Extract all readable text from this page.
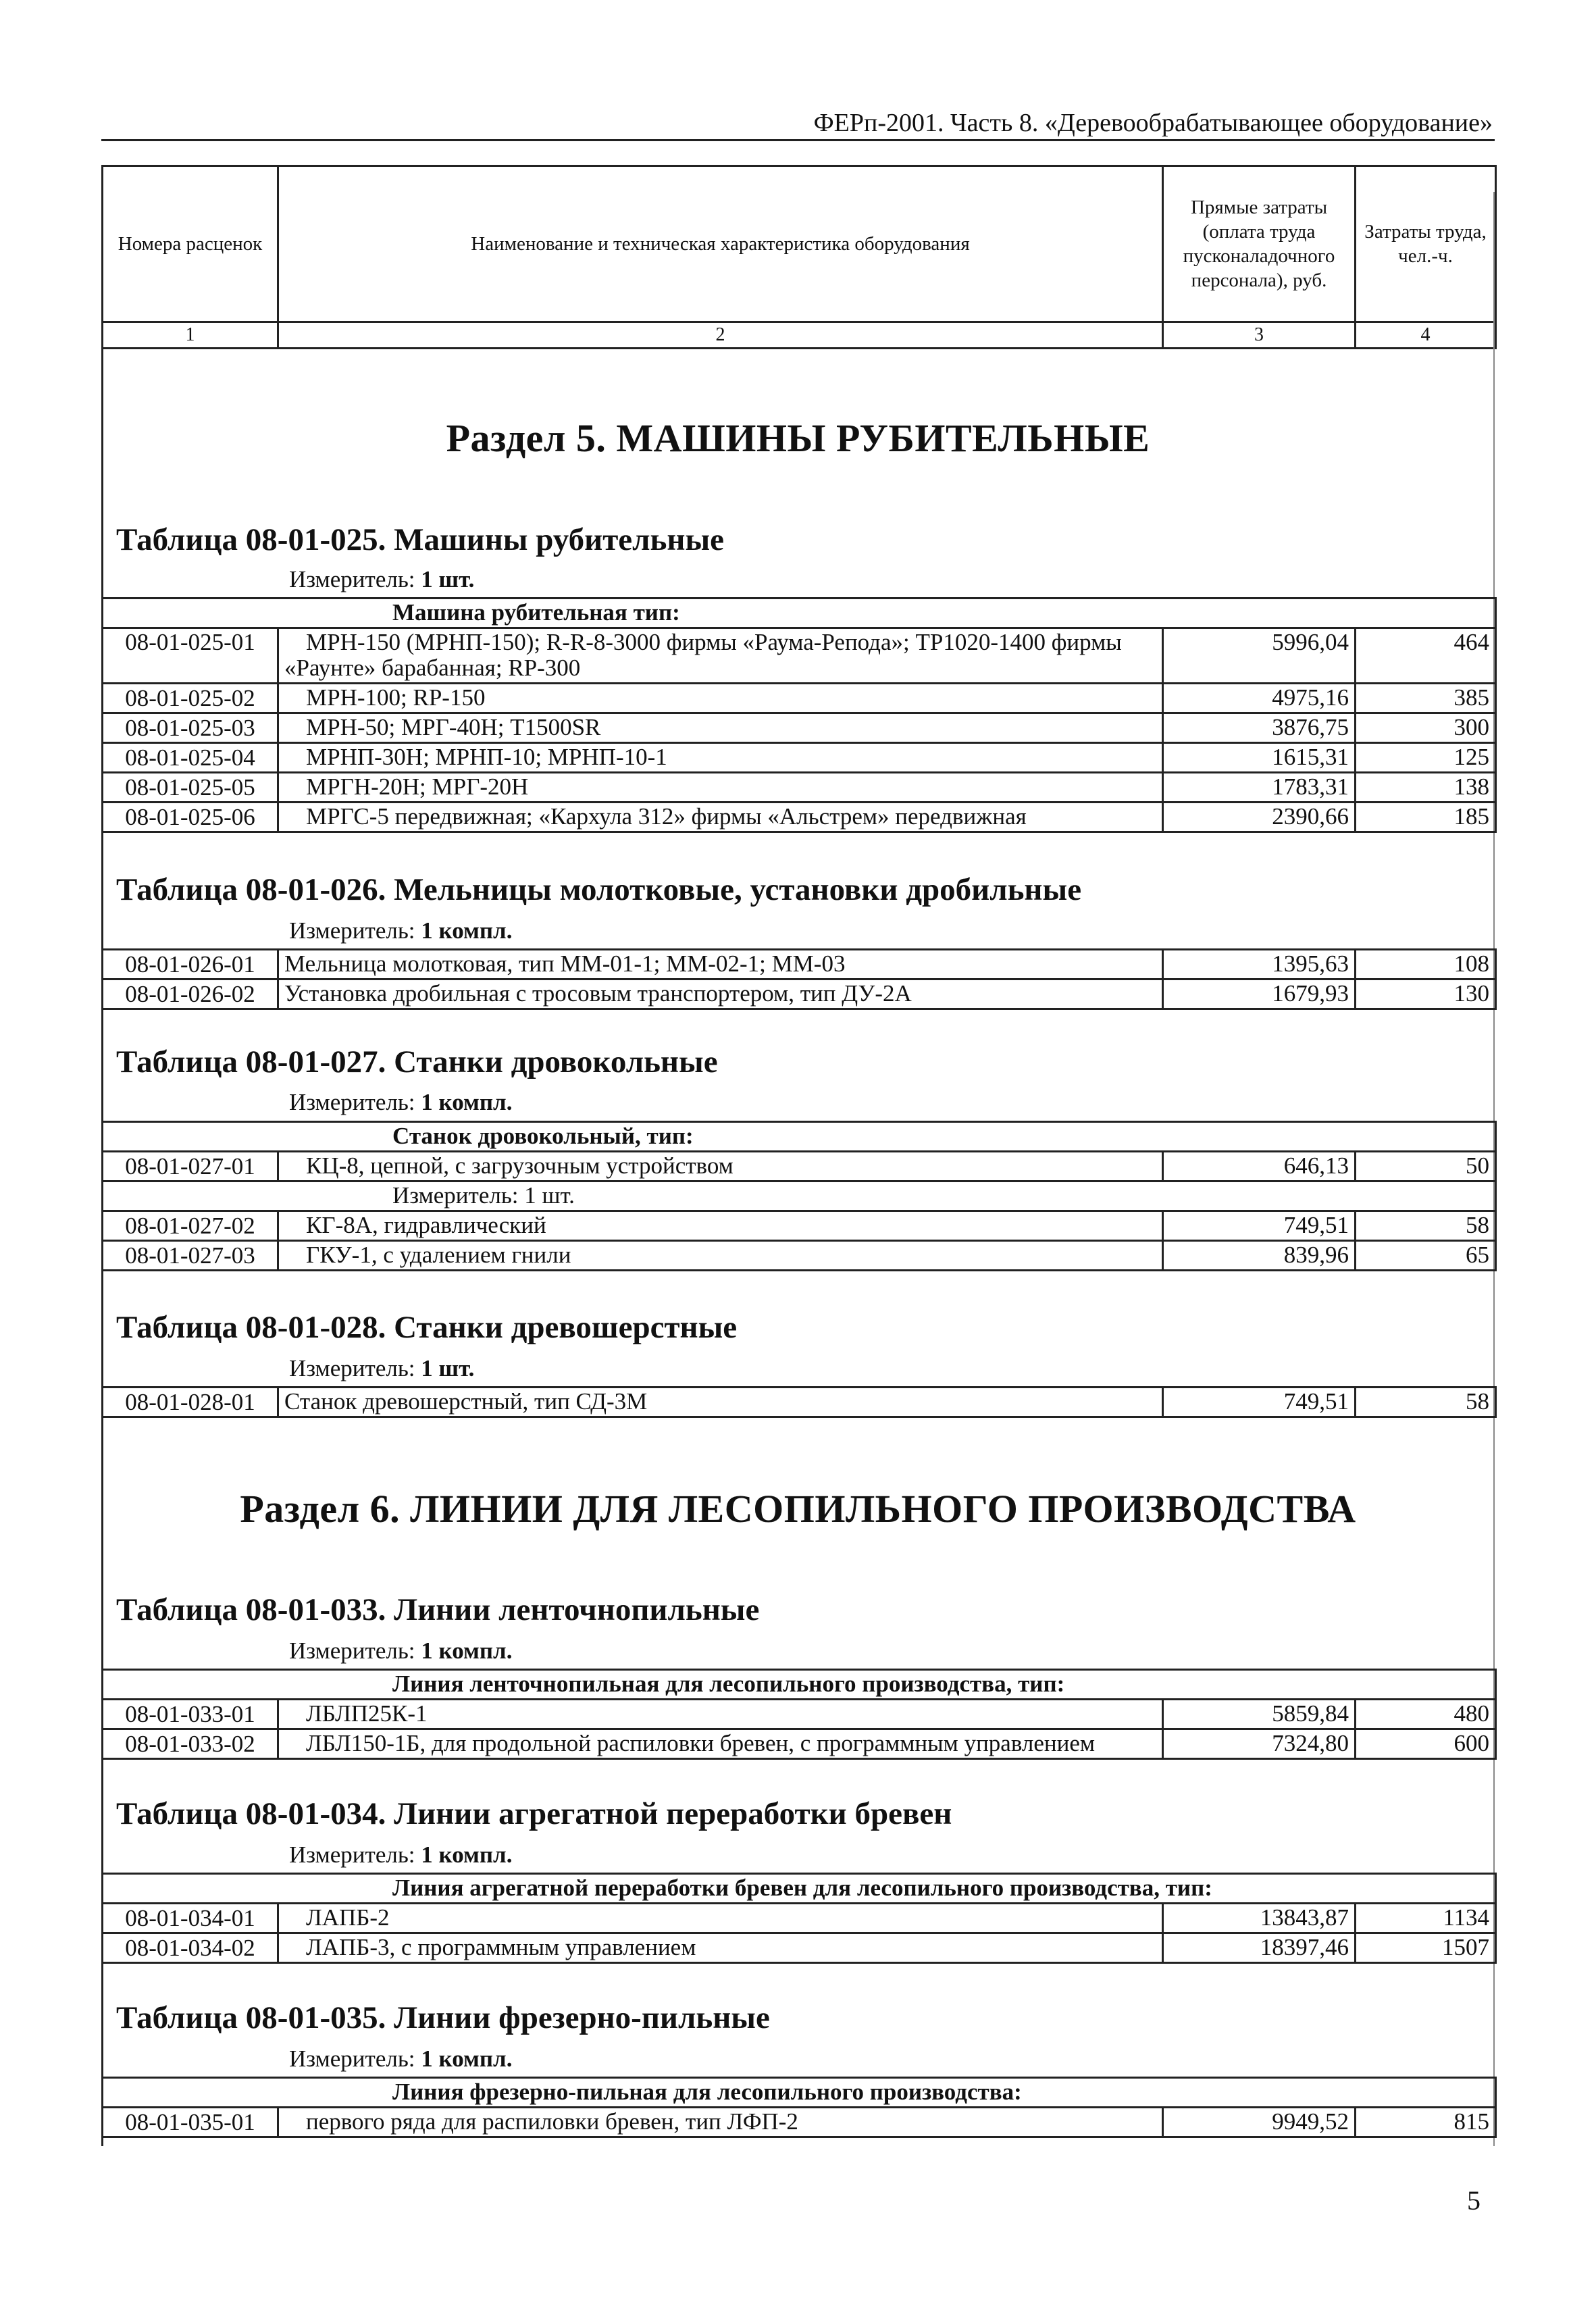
ФЕРп-2001. Часть 8. «Деревообрабатывающее оборудование»
Номера расценок	Наименование и техническая характеристика оборудования	Прямые затраты (оплата труда пусконаладочного персонала), руб.	Затраты труда, чел.-ч.
1	2	3	4
Раздел 5. МАШИНЫ РУБИТЕЛЬНЫЕ
Таблица 08-01-025. Машины рубительные
Измеритель: 1 шт.
Машина рубительная тип:			
08-01-025-01	МРН-150 (МРНП-150); R-R-8-3000 фирмы «Раума-Репода»; ТР1020-1400 фирмы «Раунте» барабанная; RP-300	5996,04	464
08-01-025-02	МРН-100; RP-150	4975,16	385
08-01-025-03	МРН-50; МРГ-40Н; Т1500SR	3876,75	300
08-01-025-04	МРНП-30Н; МРНП-10; МРНП-10-1	1615,31	125
08-01-025-05	МРГН-20Н; МРГ-20Н	1783,31	138
08-01-025-06	МРГС-5 передвижная; «Кархула 312» фирмы «Альстрем» передвижная	2390,66	185
Таблица 08-01-026. Мельницы молотковые, установки дробильные
Измеритель: 1 компл.
08-01-026-01	Мельница молотковая, тип ММ-01-1; ММ-02-1; ММ-03	1395,63	108
08-01-026-02	Установка дробильная с тросовым транспортером, тип ДУ-2А	1679,93	130
Таблица 08-01-027. Станки дровокольные
Измеритель: 1 компл.
Станок дровокольный, тип:			
08-01-027-01	КЦ-8, цепной, с загрузочным устройством	646,13	50
Измеритель: 1 шт.			
08-01-027-02	КГ-8А, гидравлический	749,51	58
08-01-027-03	ГКУ-1, с удалением гнили	839,96	65
Таблица 08-01-028. Станки древошерстные
Измеритель: 1 шт.
08-01-028-01	Станок древошерстный, тип СД-3М	749,51	58
Раздел 6. ЛИНИИ ДЛЯ ЛЕСОПИЛЬНОГО ПРОИЗВОДСТВА
Таблица 08-01-033. Линии ленточнопильные
Измеритель: 1 компл.
Линия ленточнопильная для лесопильного производства, тип:			
08-01-033-01	ЛБЛП25К-1	5859,84	480
08-01-033-02	ЛБЛ150-1Б, для продольной распиловки бревен, с программным управлением	7324,80	600
Таблица 08-01-034. Линии агрегатной переработки бревен
Измеритель: 1 компл.
Линия агрегатной переработки бревен для лесопильного производства, тип:			
08-01-034-01	ЛАПБ-2	13843,87	1134
08-01-034-02	ЛАПБ-3, с программным управлением	18397,46	1507
Таблица 08-01-035. Линии фрезерно-пильные
Измеритель: 1 компл.
Линия фрезерно-пильная для лесопильного производства:
08-01-035-01	первого ряда для распиловки бревен, тип ЛФП-2	9949,52	815
5
